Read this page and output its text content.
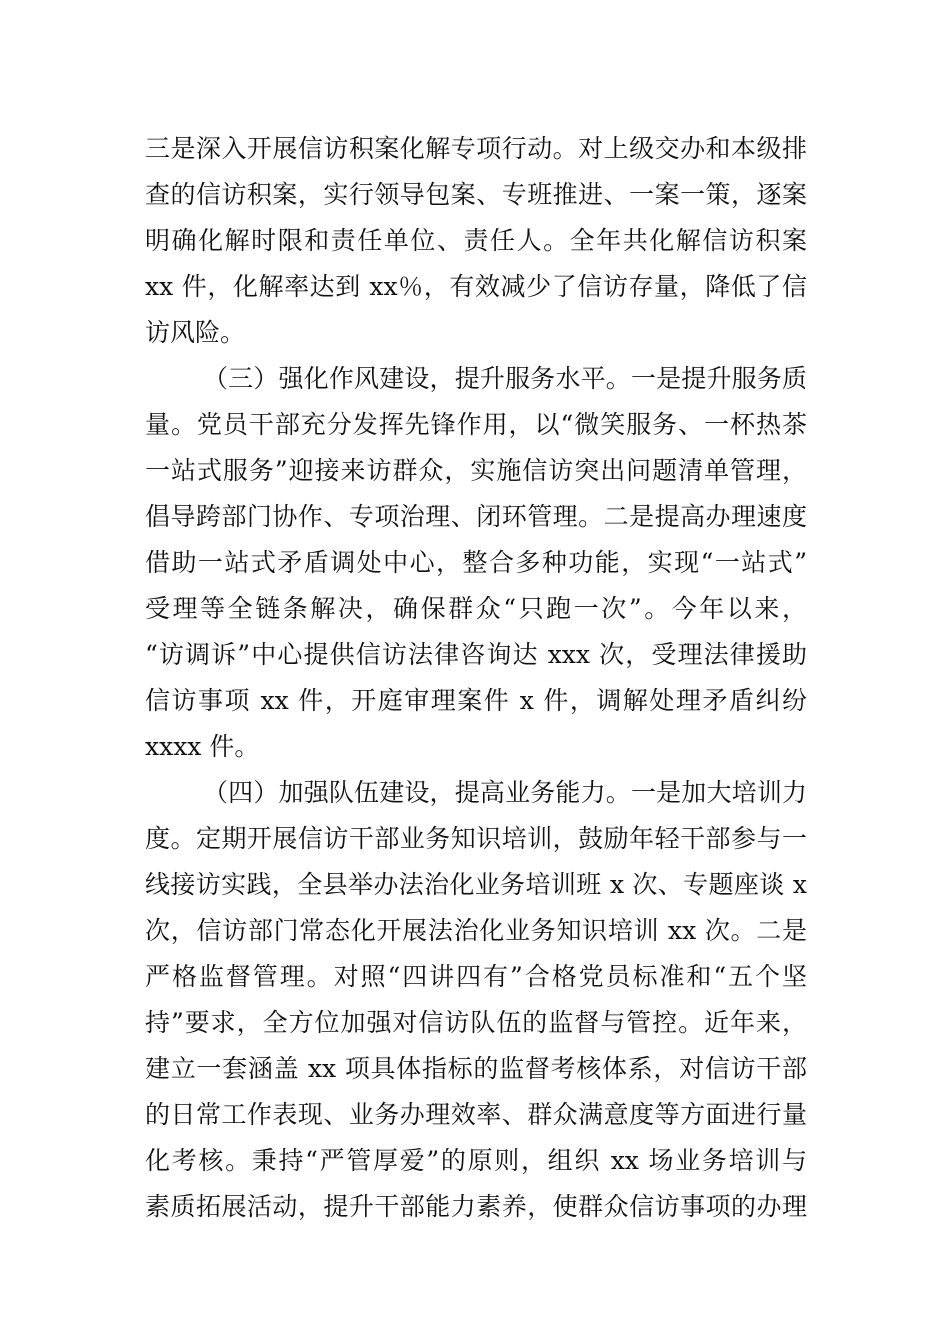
三是深入开展信访积案化解专项行动。对上级交办和本级排
查的信访积案，实行领导包案、专班推进、一案一策，逐案
明确化解时限和责任单位、责任人。全年共化解信访积案
xx 件，化解率达到 xx％，有效减少了信访存量，降低了信
访风险。
（三）强化作风建设，提升服务水平。一是提升服务质
量。党员干部充分发挥先锋作用，以“微笑服务、一杯热茶
一站式服务”迎接来访群众，实施信访突出问题清单管理，
倡导跨部门协作、专项治理、闭环管理。二是提高办理速度
借助一站式矛盾调处中心，整合多种功能，实现“一站式”
受理等全链条解决，确保群众“只跑一次”。今年以来，
“访调诉”中心提供信访法律咨询达 xxx 次，受理法律援助
信访事项 xx 件，开庭审理案件 x 件，调解处理矛盾纠纷
xxxx 件。
（四）加强队伍建设，提高业务能力。一是加大培训力
度。定期开展信访干部业务知识培训，鼓励年轻干部参与一
线接访实践，全县举办法治化业务培训班 x 次、专题座谈 x
次，信访部门常态化开展法治化业务知识培训 xx 次。二是
严格监督管理。对照“四讲四有”合格党员标准和“五个坚
持”要求，全方位加强对信访队伍的监督与管控。近年来，
建立一套涵盖 xx 项具体指标的监督考核体系，对信访干部
的日常工作表现、业务办理效率、群众满意度等方面进行量
化考核。秉持“严管厚爱”的原则，组织 xx 场业务培训与
素质拓展活动，提升干部能力素养，使群众信访事项的办理
